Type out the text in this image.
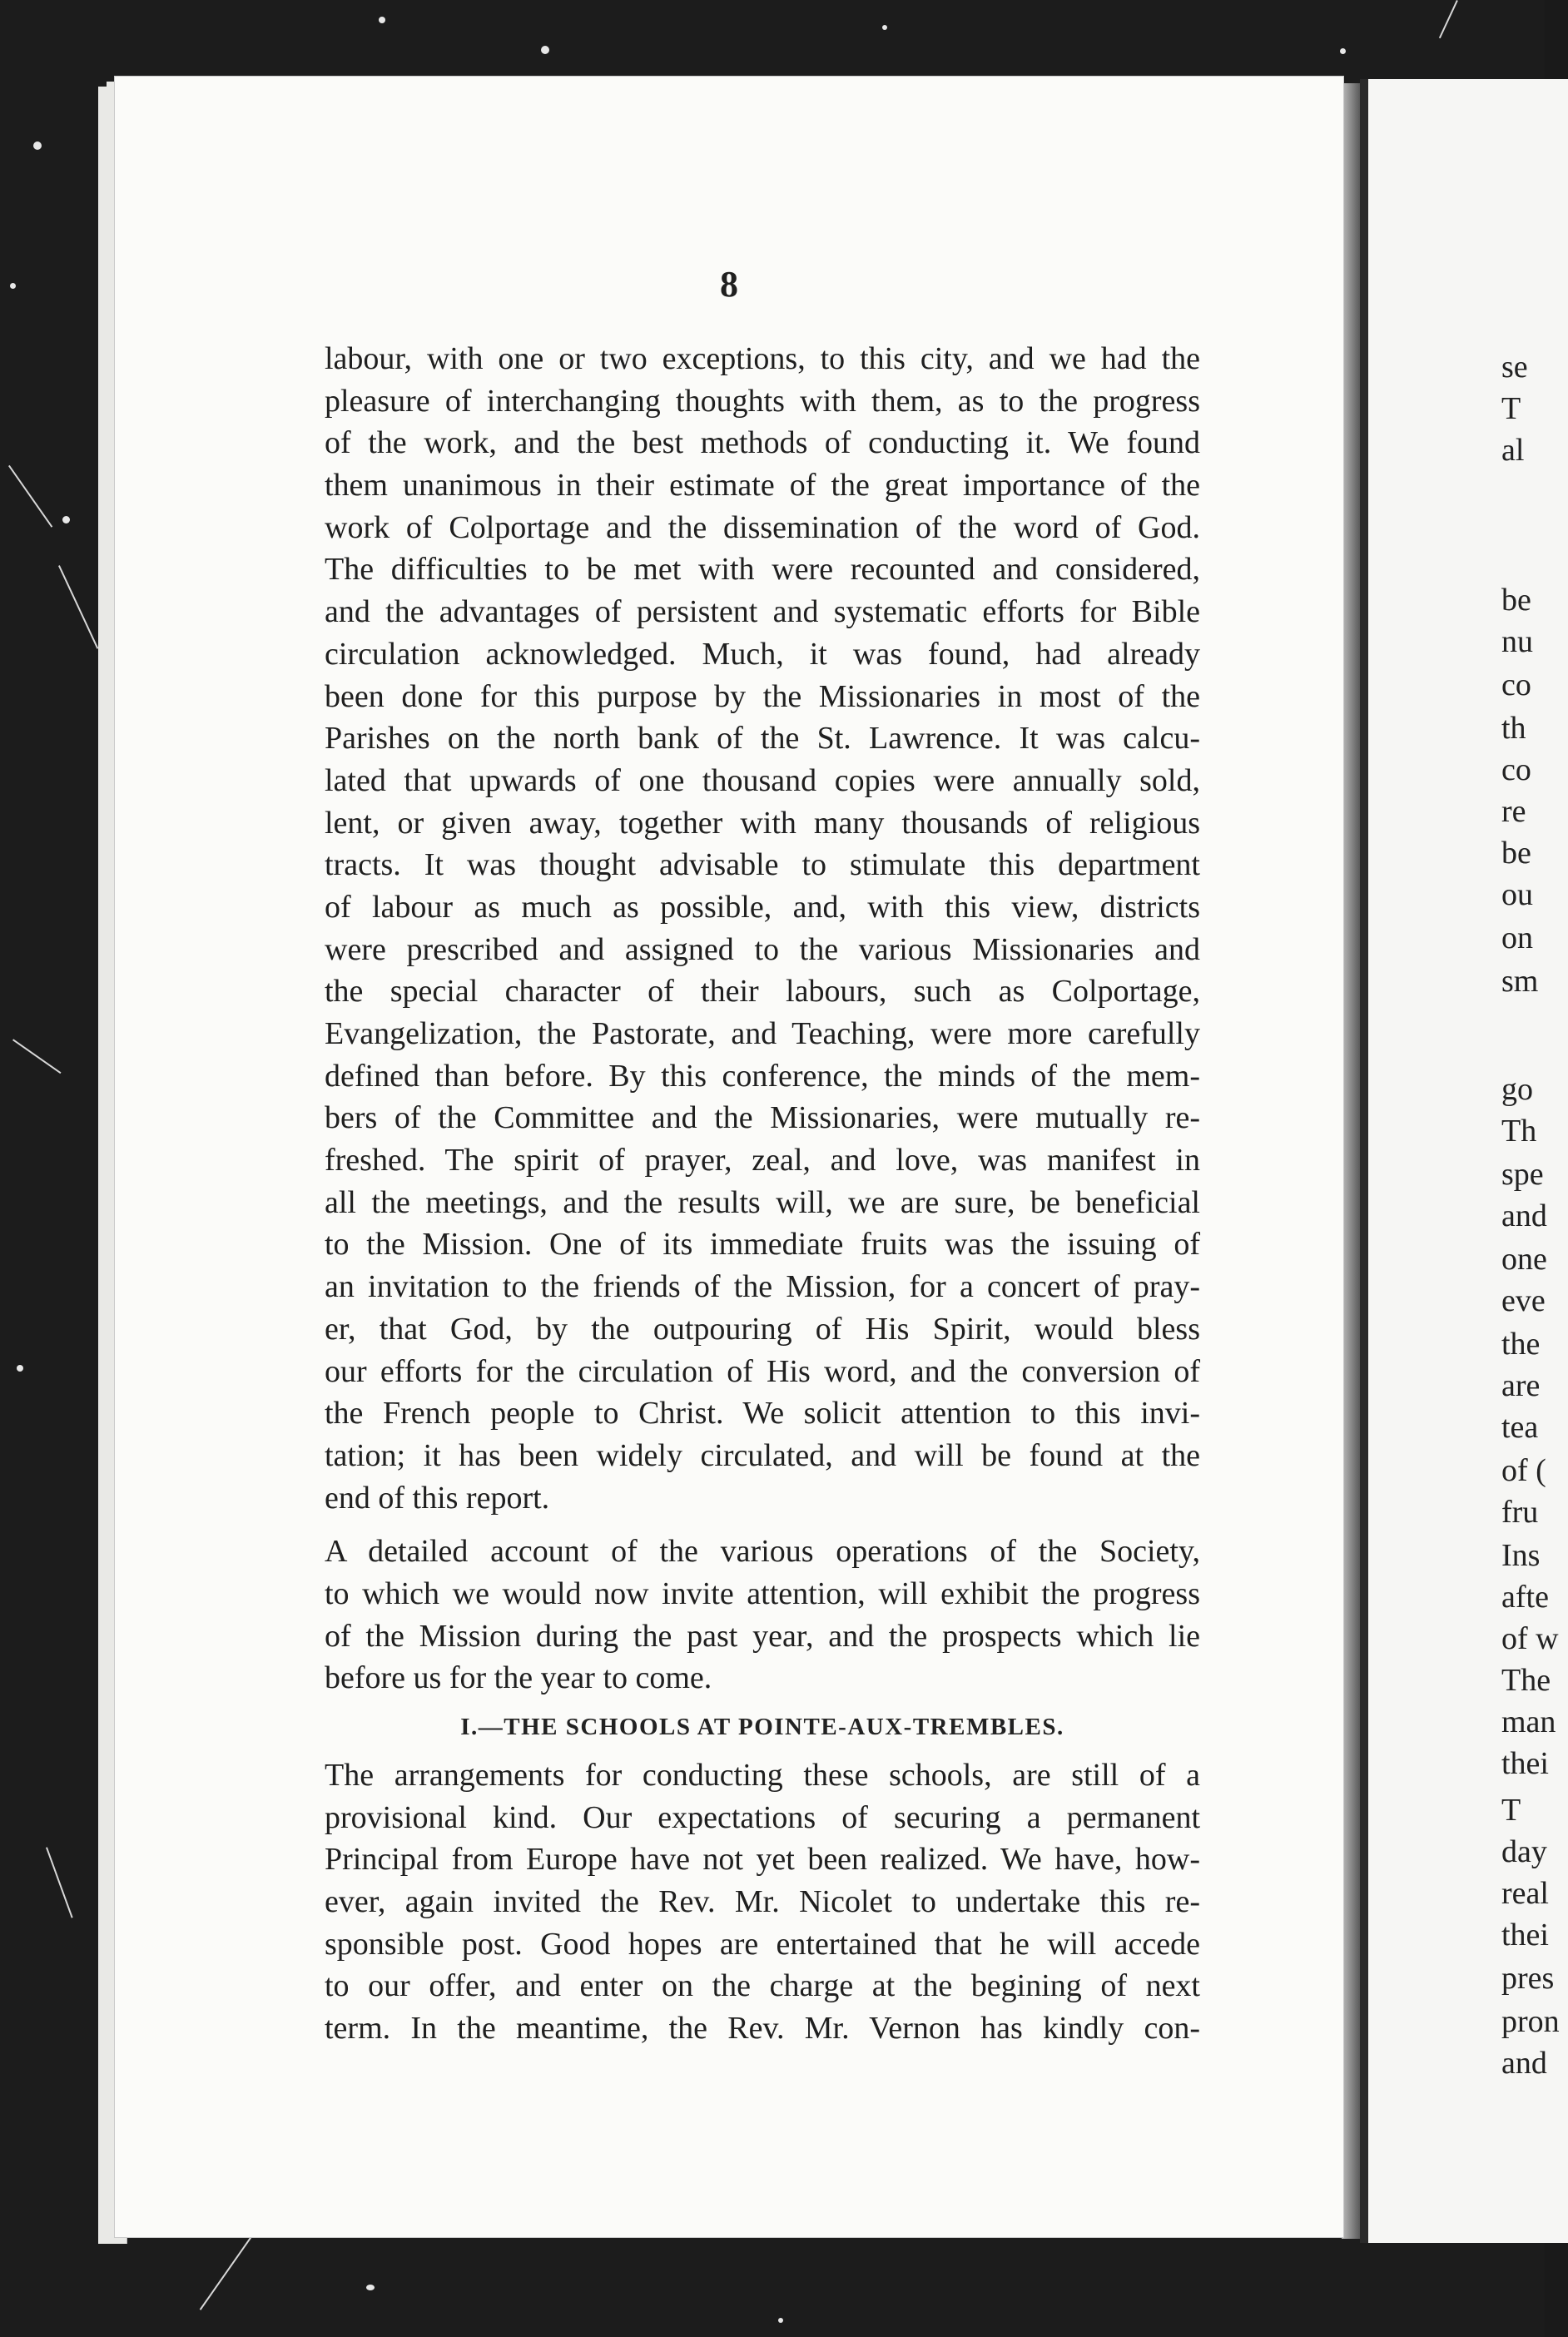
se
T
al
be
nu
co
th
co
re
be
ou
on
sm
go
Th
spe
and
one
eve
the
are
tea
of (
fru
Ins
afte
of w
The
man
thei
T
day
real
thei
pres
pron
and
8
labour, with one or two exceptions, to this city, and we had the
pleasure of interchanging thoughts with them, as to the progress
of the work, and the best methods of conducting it. We found
them unanimous in their estimate of the great importance of the
work of Colportage and the dissemination of the word of God.
The difficulties to be met with were recounted and considered,
and the advantages of persistent and systematic efforts for Bible
circulation acknowledged. Much, it was found, had already
been done for this purpose by the Missionaries in most of the
Parishes on the north bank of the St. Lawrence. It was calcu-
lated that upwards of one thousand copies were annually sold,
lent, or given away, together with many thousands of religious
tracts. It was thought advisable to stimulate this department
of labour as much as possible, and, with this view, districts
were prescribed and assigned to the various Missionaries and
the special character of their labours, such as Colportage,
Evangelization, the Pastorate, and Teaching, were more carefully
defined than before. By this conference, the minds of the mem-
bers of the Committee and the Missionaries, were mutually re-
freshed. The spirit of prayer, zeal, and love, was manifest in
all the meetings, and the results will, we are sure, be beneficial
to the Mission. One of its immediate fruits was the issuing of
an invitation to the friends of the Mission, for a concert of pray-
er, that God, by the outpouring of His Spirit, would bless
our efforts for the circulation of His word, and the conversion of
the French people to Christ. We solicit attention to this invi-
tation; it has been widely circulated, and will be found at the
end of this report.
A detailed account of the various operations of the Society,
to which we would now invite attention, will exhibit the progress
of the Mission during the past year, and the prospects which lie
before us for the year to come.
I.—THE SCHOOLS AT POINTE-AUX-TREMBLES.
The arrangements for conducting these schools, are still of a
provisional kind. Our expectations of securing a permanent
Principal from Europe have not yet been realized. We have, how-
ever, again invited the Rev. Mr. Nicolet to undertake this re-
sponsible post. Good hopes are entertained that he will accede
to our offer, and enter on the charge at the begining of next
term. In the meantime, the Rev. Mr. Vernon has kindly con-
